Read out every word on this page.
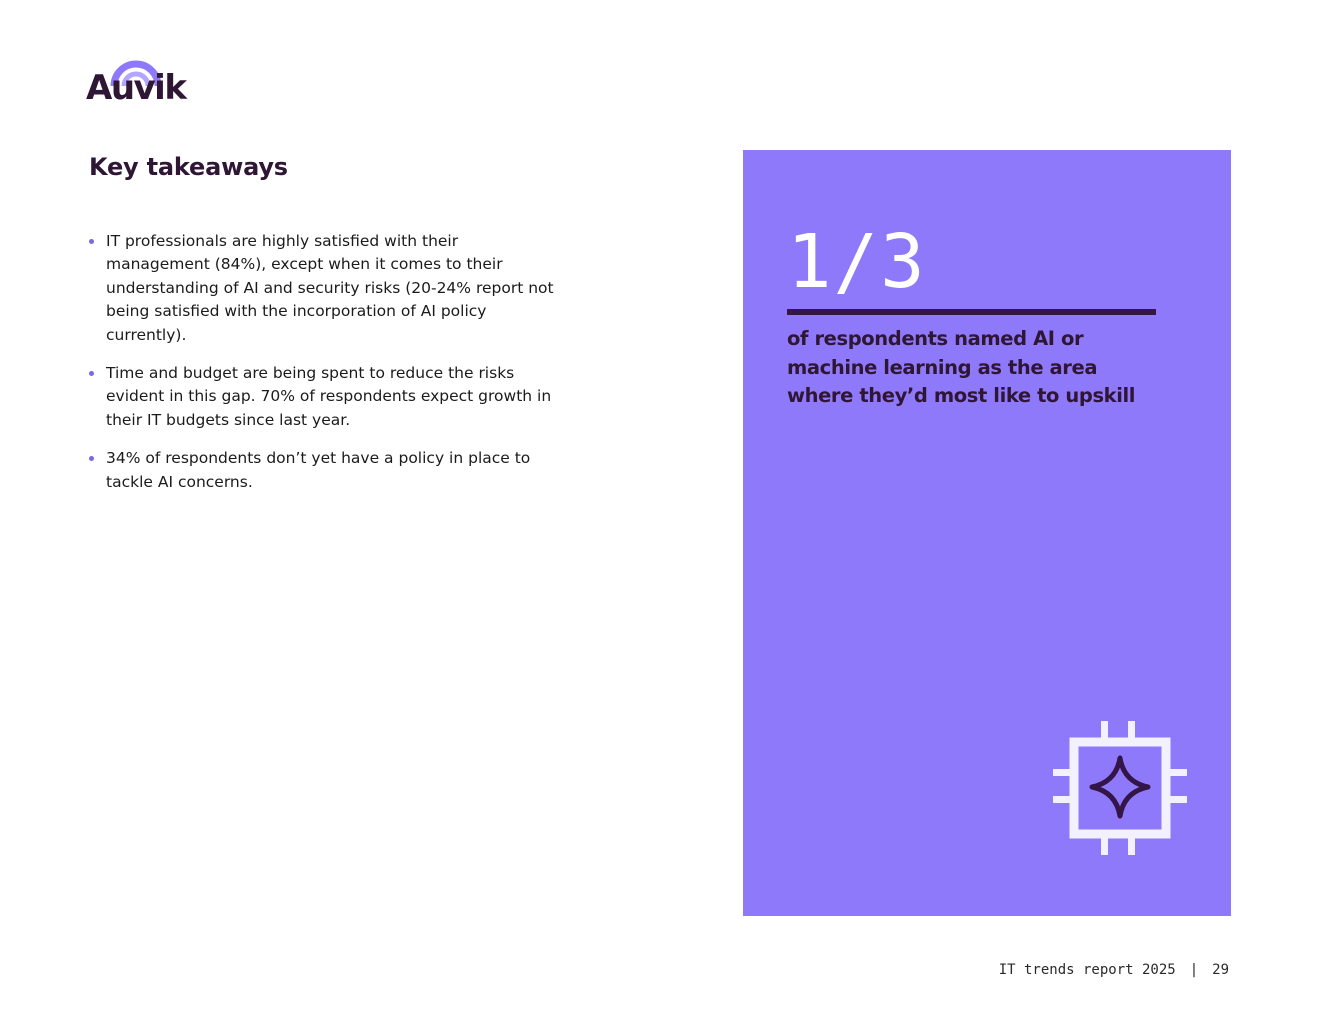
Auvik
Key takeaways
IT professionals are highly satisfied with their management (84%), except when it comes to their understanding of AI and security risks (20-24% report not being satisfied with the incorporation of AI policy currently).
Time and budget are being spent to reduce the risks evident in this gap. 70% of respondents expect growth in their IT budgets since last year.
34% of respondents don’t yet have a policy in place to tackle AI concerns.
1/3
of respondents named AI or machine learning as the area where they’d most like to upskill
IT trends report 2025 | 29
